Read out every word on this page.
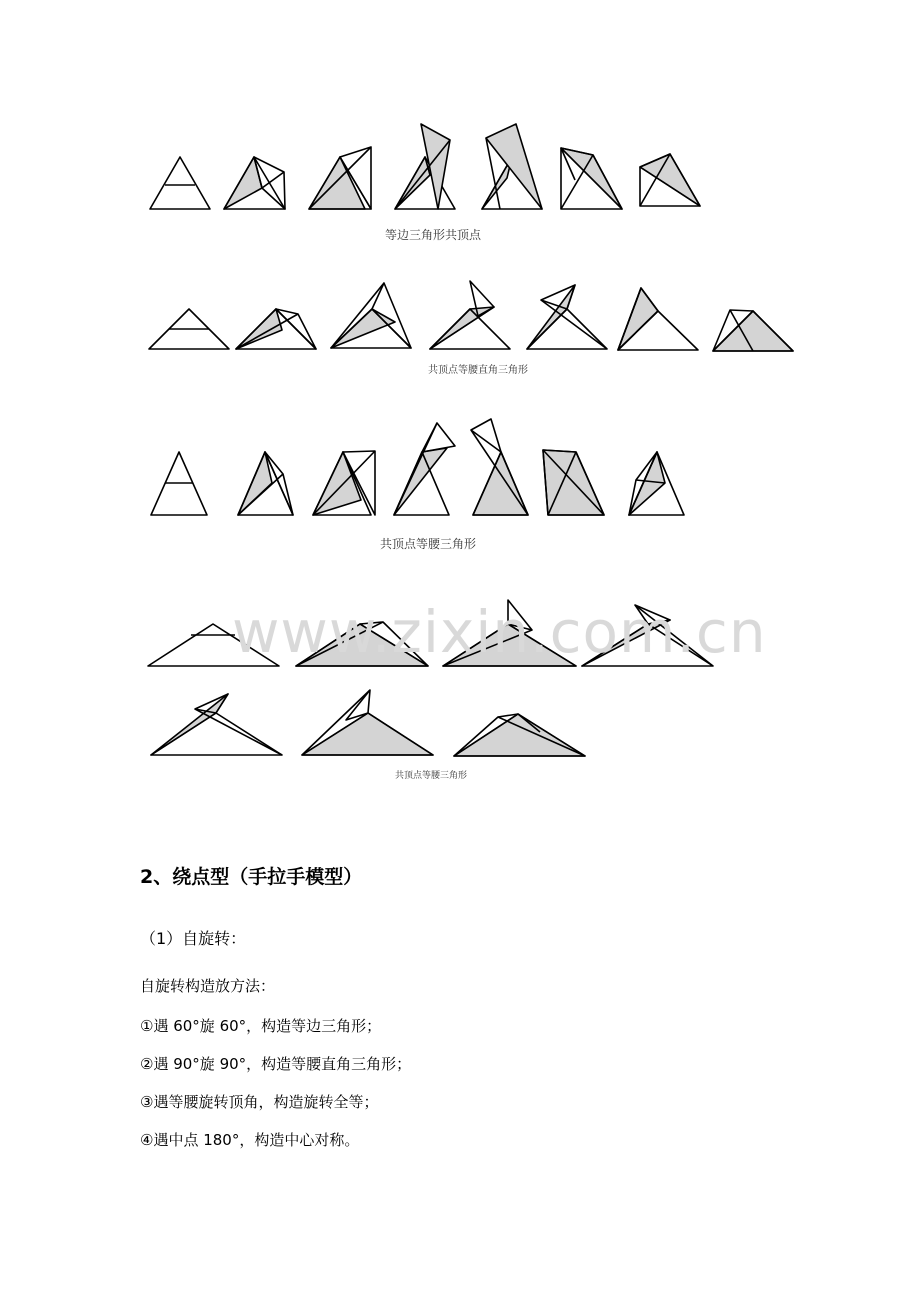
www.zixin.com.cn
等边三角形共顶点
共顶点等腰直角三角形
共顶点等腰三角形
共顶点等腰三角形
2、绕点型（手拉手模型）
（1）自旋转：
自旋转构造放方法：
①遇 60°旋 60°，构造等边三角形；
②遇 90°旋 90°，构造等腰直角三角形；
③遇等腰旋转顶角，构造旋转全等；
④遇中点 180°，构造中心对称。
